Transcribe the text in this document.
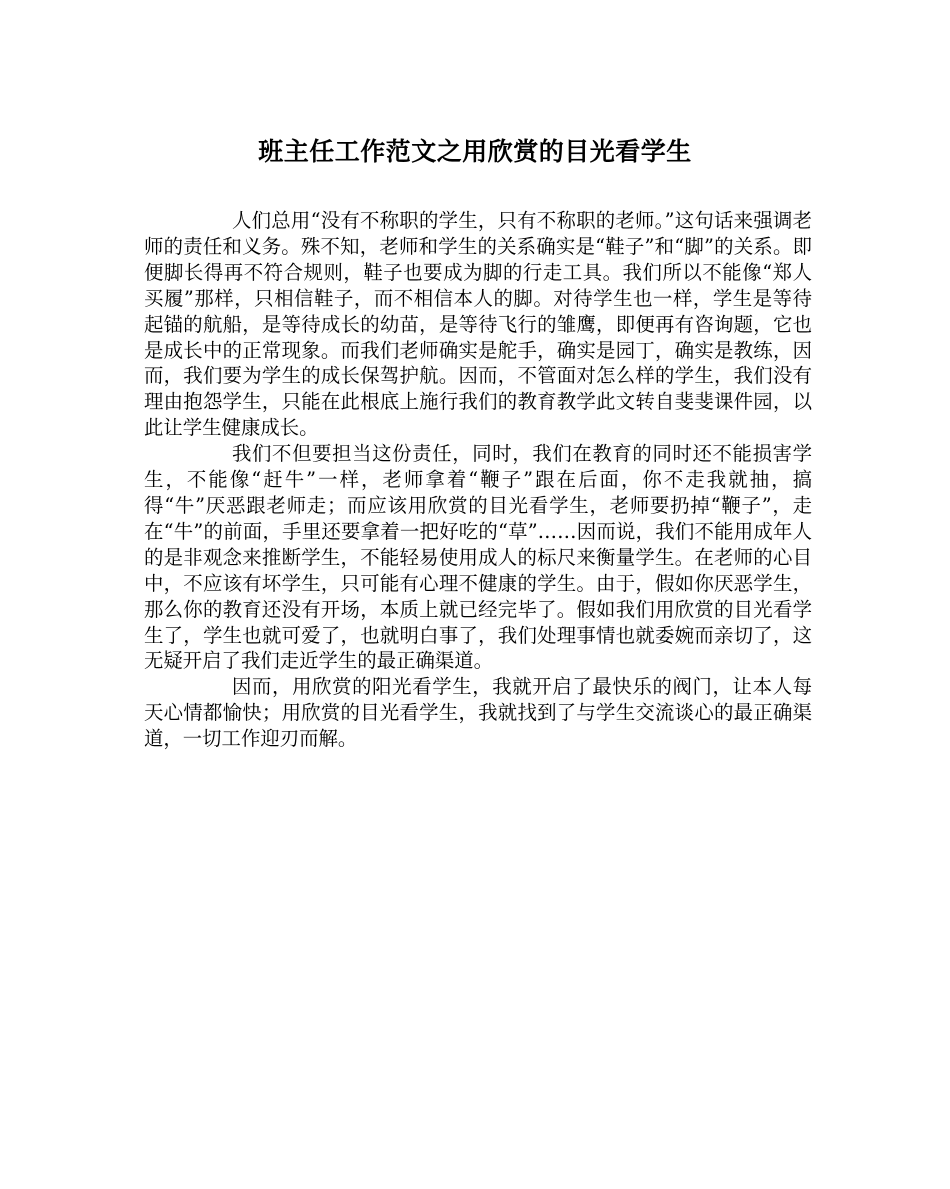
班主任工作范文之用欣赏的目光看学生

人们总用“没有不称职的学生，只有不称职的老师。”这句话来强调老师的责任和义务。殊不知，老师和学生的关系确实是“鞋子”和“脚”的关系。即便脚长得再不符合规则，鞋子也要成为脚的行走工具。我们所以不能像“郑人买履”那样，只相信鞋子，而不相信本人的脚。对待学生也一样，学生是等待起锚的航船，是等待成长的幼苗，是等待飞行的雏鹰，即便再有咨询题，它也是成长中的正常现象。而我们老师确实是舵手，确实是园丁，确实是教练，因而，我们要为学生的成长保驾护航。因而，不管面对怎么样的学生，我们没有理由抱怨学生，只能在此根底上施行我们的教育教学此文转自斐斐课件园，以此让学生健康成长。

我们不但要担当这份责任，同时，我们在教育的同时还不能损害学生，不能像“赶牛”一样，老师拿着“鞭子”跟在后面，你不走我就抽，搞得“牛”厌恶跟老师走；而应该用欣赏的目光看学生，老师要扔掉“鞭子”，走在“牛”的前面，手里还要拿着一把好吃的“草”……因而说，我们不能用成年人的是非观念来推断学生，不能轻易使用成人的标尺来衡量学生。在老师的心目中，不应该有坏学生，只可能有心理不健康的学生。由于，假如你厌恶学生，那么你的教育还没有开场，本质上就已经完毕了。假如我们用欣赏的目光看学生了，学生也就可爱了，也就明白事了，我们处理事情也就委婉而亲切了，这无疑开启了我们走近学生的最正确渠道。

因而，用欣赏的阳光看学生，我就开启了最快乐的阀门，让本人每天心情都愉快；用欣赏的目光看学生，我就找到了与学生交流谈心的最正确渠道，一切工作迎刃而解。
